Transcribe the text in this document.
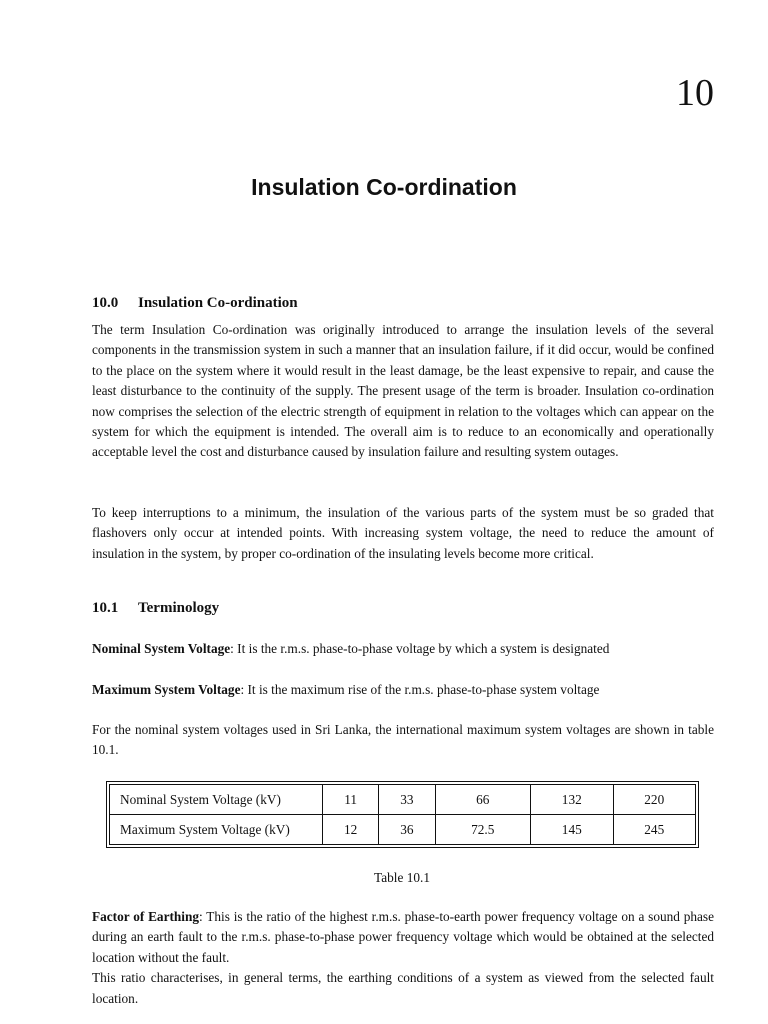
10
Insulation Co-ordination
10.0 Insulation Co-ordination

The term Insulation Co-ordination was originally introduced to arrange the insulation levels of the several components in the transmission system in such a manner that an insulation failure, if it did occur, would be confined to the place on the system where it would result in the least damage, be the least expensive to repair, and cause the least disturbance to the continuity of the supply. The present usage of the term is broader. Insulation co-ordination now comprises the selection of the electric strength of equipment in relation to the voltages which can appear on the system for which the equipment is intended. The overall aim is to reduce to an economically and operationally acceptable level the cost and disturbance caused by insulation failure and resulting system outages.

To keep interruptions to a minimum, the insulation of the various parts of the system must be so graded that flashovers only occur at intended points. With increasing system voltage, the need to reduce the amount of insulation in the system, by proper co-ordination of the insulating levels become more critical.

10.1 Terminology

Nominal System Voltage: It is the r.m.s. phase-to-phase voltage by which a system is designated

Maximum System Voltage: It is the maximum rise of the r.m.s. phase-to-phase system voltage

For the nominal system voltages used in Sri Lanka, the international maximum system voltages are shown in table 10.1.

Nominal System Voltage (kV)	11	33	66	132	220
Maximum System Voltage (kV)	12	36	72.5	145	245
Table 10.1

Factor of Earthing: This is the ratio of the highest r.m.s. phase-to-earth power frequency voltage on a sound phase during an earth fault to the r.m.s. phase-to-phase power frequency voltage which would be obtained at the selected location without the fault.
This ratio characterises, in general terms, the earthing conditions of a system as viewed from the selected fault location.
